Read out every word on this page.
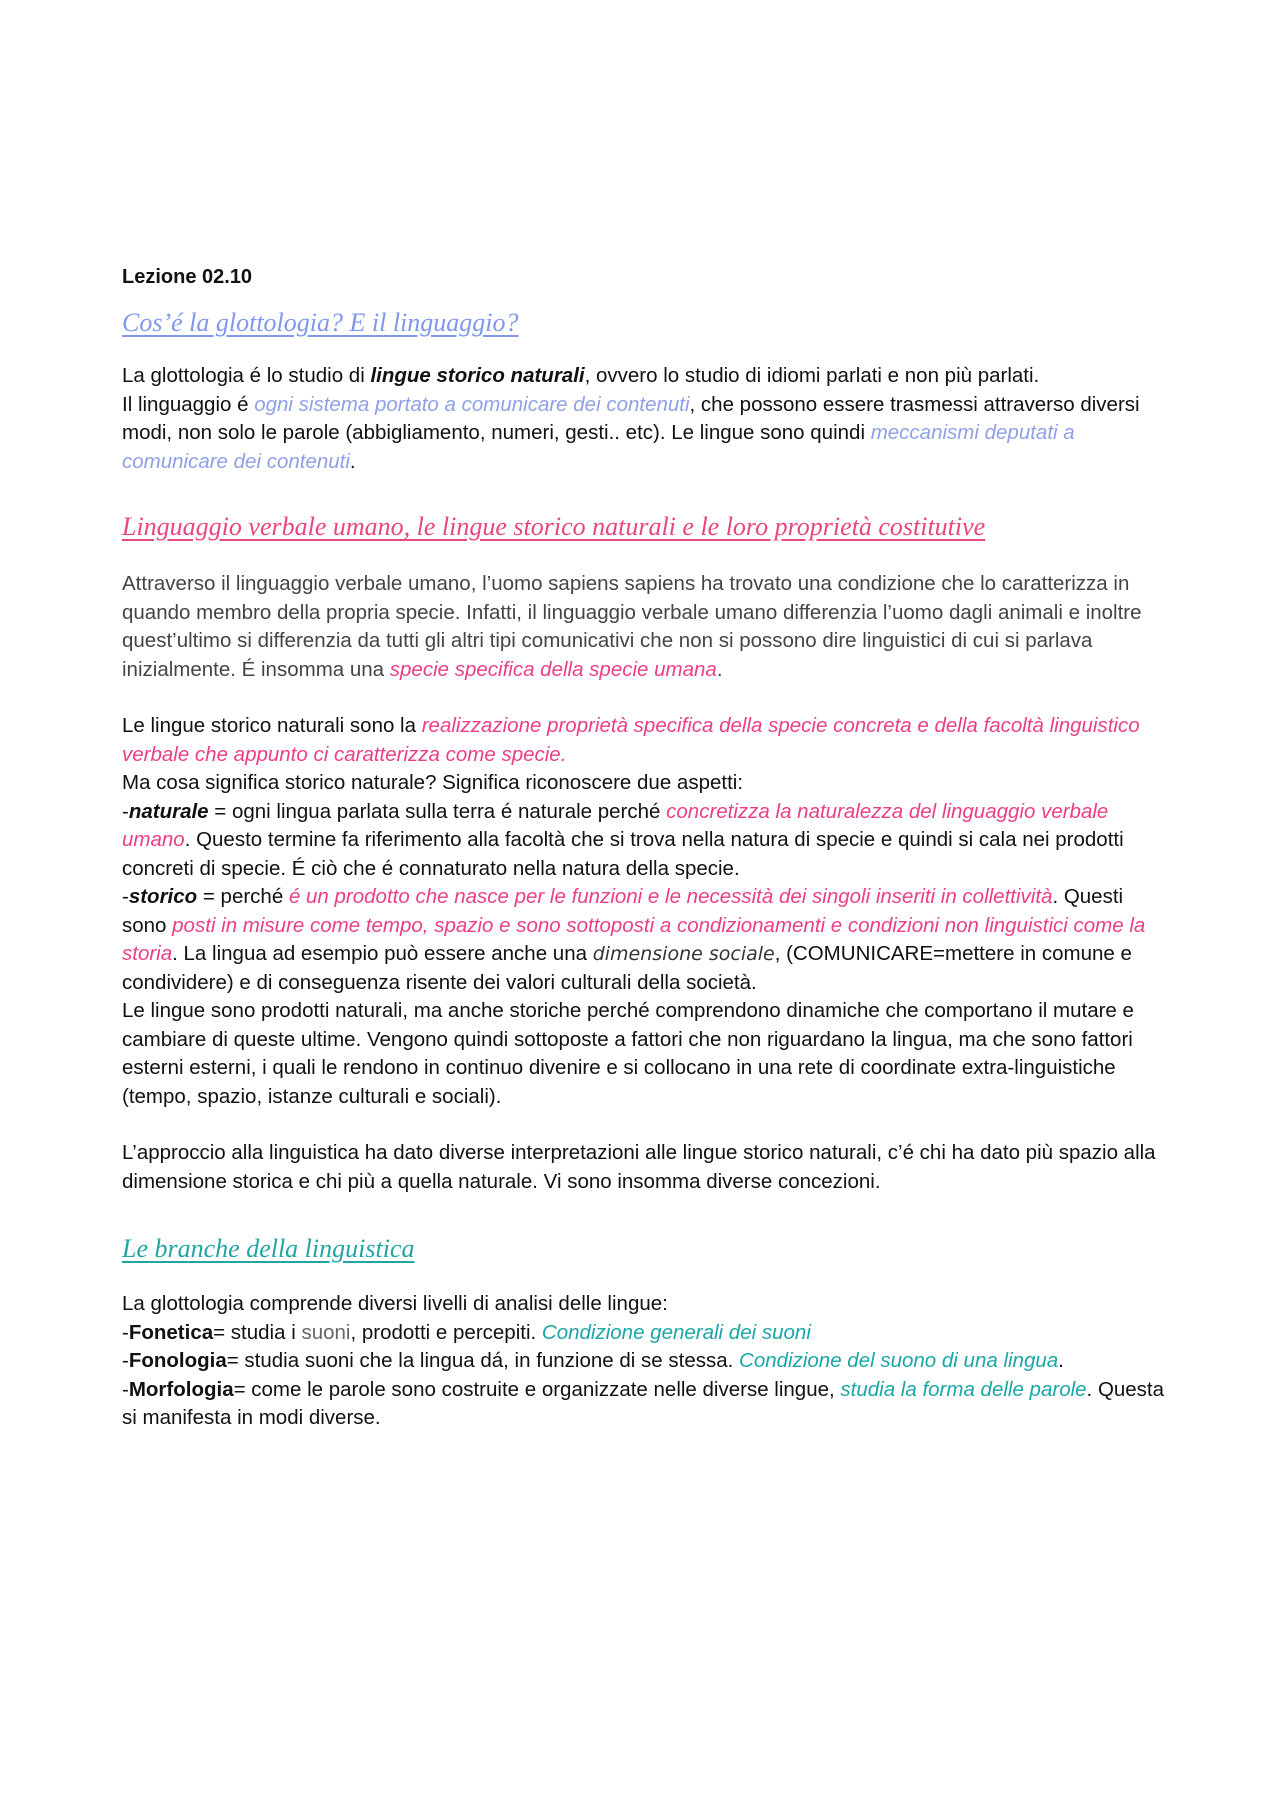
Lezione 02.10
Cos’é la glottologia? E il linguaggio?

La glottologia é lo studio di lingue storico naturali, ovvero lo studio di idiomi parlati e non più parlati.

Il linguaggio é ogni sistema portato a comunicare dei contenuti, che possono essere trasmessi attraverso diversi modi, non solo le parole (abbigliamento, numeri, gesti.. etc). Le lingue sono quindi meccanismi deputati a comunicare dei contenuti.

Linguaggio verbale umano, le lingue storico naturali e le loro proprietà costitutive

Attraverso il linguaggio verbale umano, l’uomo sapiens sapiens ha trovato una condizione che lo caratterizza in quando membro della propria specie. Infatti, il linguaggio verbale umano differenzia l’uomo dagli animali e inoltre quest’ultimo si differenzia da tutti gli altri tipi comunicativi che non si possono dire linguistici di cui si parlava inizialmente. É insomma una specie specifica della specie umana.

Le lingue storico naturali sono la realizzazione proprietà specifica della specie concreta e della facoltà linguistico verbale che appunto ci caratterizza come specie.

Ma cosa significa storico naturale? Significa riconoscere due aspetti:

-naturale = ogni lingua parlata sulla terra é naturale perché concretizza la naturalezza del linguaggio verbale umano. Questo termine fa riferimento alla facoltà che si trova nella natura di specie e quindi si cala nei prodotti concreti di specie. É ciò che é connaturato nella natura della specie.

-storico = perché é un prodotto che nasce per le funzioni e le necessità dei singoli inseriti in collettività. Questi sono posti in misure come tempo, spazio e sono sottoposti a condizionamenti e condizioni non linguistici come la storia. La lingua ad esempio può essere anche una dimensione sociale, (COMUNICARE=mettere in comune e condividere) e di conseguenza risente dei valori culturali della società.

Le lingue sono prodotti naturali, ma anche storiche perché comprendono dinamiche che comportano il mutare e cambiare di queste ultime. Vengono quindi sottoposte a fattori che non riguardano la lingua, ma che sono fattori esterni esterni, i quali le rendono in continuo divenire e si collocano in una rete di coordinate extra-linguistiche (tempo, spazio, istanze culturali e sociali).

L’approccio alla linguistica ha dato diverse interpretazioni alle lingue storico naturali, c’é chi ha dato più spazio alla dimensione storica e chi più a quella naturale. Vi sono insomma diverse concezioni.

Le branche della linguistica

La glottologia comprende diversi livelli di analisi delle lingue:

-Fonetica= studia i suoni, prodotti e percepiti. Condizione generali dei suoni

-Fonologia= studia suoni che la lingua dá, in funzione di se stessa. Condizione del suono di una lingua.

-Morfologia= come le parole sono costruite e organizzate nelle diverse lingue, studia la forma delle parole. Questa si manifesta in modi diverse.
